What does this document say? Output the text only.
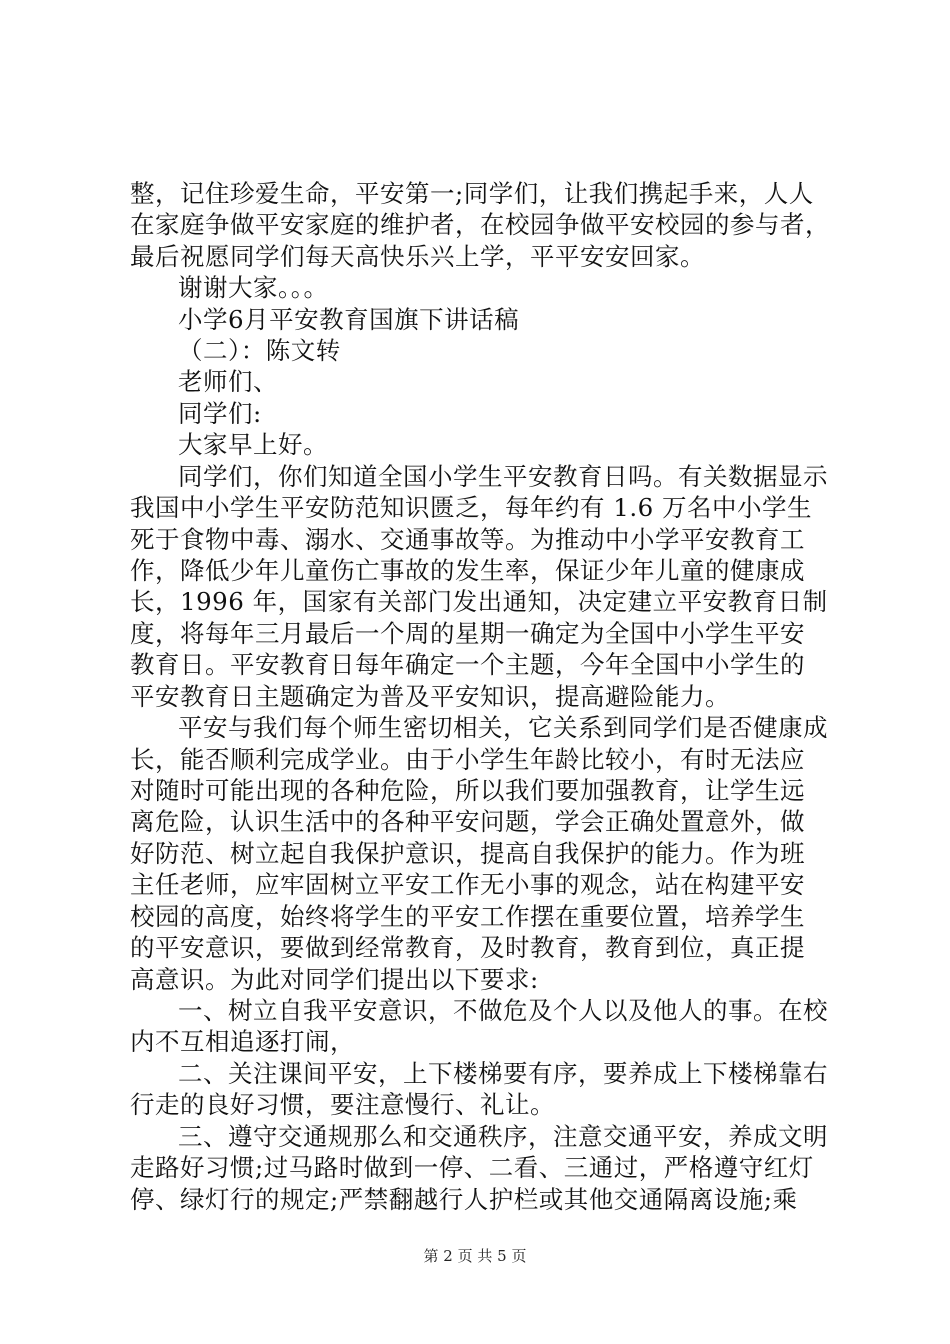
整，记住珍爱生命，平安第一;同学们，让我们携起手来，人人
在家庭争做平安家庭的维护者，在校园争做平安校园的参与者，
最后祝愿同学们每天高快乐兴上学，平平安安回家。
谢谢大家。。。
小学6月平安教育国旗下讲话稿
（二）：陈文转
老师们、
同学们:
大家早上好。
同学们，你们知道全国小学生平安教育日吗。有关数据显示
我国中小学生平安防范知识匮乏，每年约有 1.6 万名中小学生
死于食物中毒、溺水、交通事故等。为推动中小学平安教育工
作，降低少年儿童伤亡事故的发生率，保证少年儿童的健康成
长，1996 年，国家有关部门发出通知，决定建立平安教育日制
度，将每年三月最后一个周的星期一确定为全国中小学生平安
教育日。平安教育日每年确定一个主题，今年全国中小学生的
平安教育日主题确定为普及平安知识，提高避险能力。
平安与我们每个师生密切相关，它关系到同学们是否健康成
长，能否顺利完成学业。由于小学生年龄比较小，有时无法应
对随时可能出现的各种危险，所以我们要加强教育，让学生远
离危险，认识生活中的各种平安问题，学会正确处置意外，做
好防范、树立起自我保护意识，提高自我保护的能力。作为班
主任老师，应牢固树立平安工作无小事的观念，站在构建平安
校园的高度，始终将学生的平安工作摆在重要位置，培养学生
的平安意识，要做到经常教育，及时教育，教育到位，真正提
高意识。为此对同学们提出以下要求:
一、树立自我平安意识，不做危及个人以及他人的事。在校
内不互相追逐打闹，
二、关注课间平安，上下楼梯要有序，要养成上下楼梯靠右
行走的良好习惯，要注意慢行、礼让。
三、遵守交通规那么和交通秩序，注意交通平安，养成文明
走路好习惯;过马路时做到一停、二看、三通过，严格遵守红灯
停、绿灯行的规定;严禁翻越行人护栏或其他交通隔离设施;乘
第 2 页 共 5 页
